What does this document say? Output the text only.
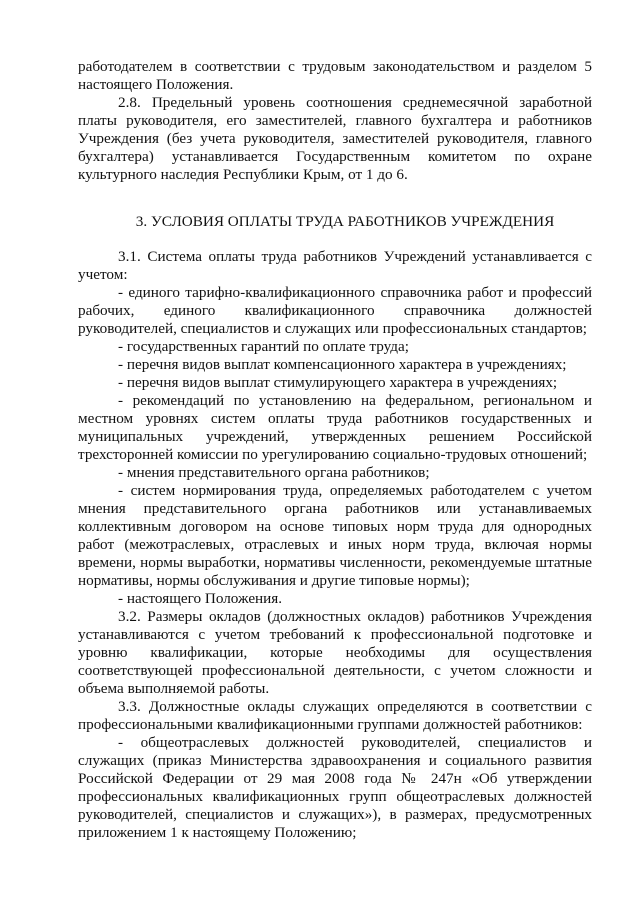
работодателем в соответствии с трудовым законодательством и разделом 5 настоящего Положения.

2.8. Предельный уровень соотношения среднемесячной заработной платы руководителя, его заместителей, главного бухгалтера и работников Учреждения (без учета руководителя, заместителей руководителя, главного бухгалтера) устанавливается Государственным комитетом по охране культурного наследия Республики Крым, от 1 до 6.

3. УСЛОВИЯ ОПЛАТЫ ТРУДА РАБОТНИКОВ УЧРЕЖДЕНИЯ

3.1. Система оплаты труда работников Учреждений устанавливается с учетом:

- единого тарифно-квалификационного справочника работ и профессий рабочих, единого квалификационного справочника должностей руководителей, специалистов и служащих или профессиональных стандартов;

- государственных гарантий по оплате труда;

- перечня видов выплат компенсационного характера в учреждениях;

- перечня видов выплат стимулирующего характера в учреждениях;

- рекомендаций по установлению на федеральном, региональном и местном уровнях систем оплаты труда работников государственных и муниципальных учреждений, утвержденных решением Российской трехсторонней комиссии по урегулированию социально-трудовых отношений;

- мнения представительного органа работников;

- систем нормирования труда, определяемых работодателем с учетом мнения представительного органа работников или устанавливаемых коллективным договором на основе типовых норм труда для однородных работ (межотраслевых, отраслевых и иных норм труда, включая нормы времени, нормы выработки, нормативы численности, рекомендуемые штатные нормативы, нормы обслуживания и другие типовые нормы);

- настоящего Положения.

3.2. Размеры окладов (должностных окладов) работников Учреждения устанавливаются с учетом требований к профессиональной подготовке и уровню квалификации, которые необходимы для осуществления соответствующей профессиональной деятельности, с учетом сложности и объема выполняемой работы.

3.3. Должностные оклады служащих определяются в соответствии с профессиональными квалификационными группами должностей работников:

- общеотраслевых должностей руководителей, специалистов и служащих (приказ Министерства здравоохранения и социального развития Российской Федерации от 29 мая 2008 года № 247н «Об утверждении профессиональных квалификационных групп общеотраслевых должностей руководителей, специалистов и служащих»), в размерах, предусмотренных приложением 1 к настоящему Положению;
